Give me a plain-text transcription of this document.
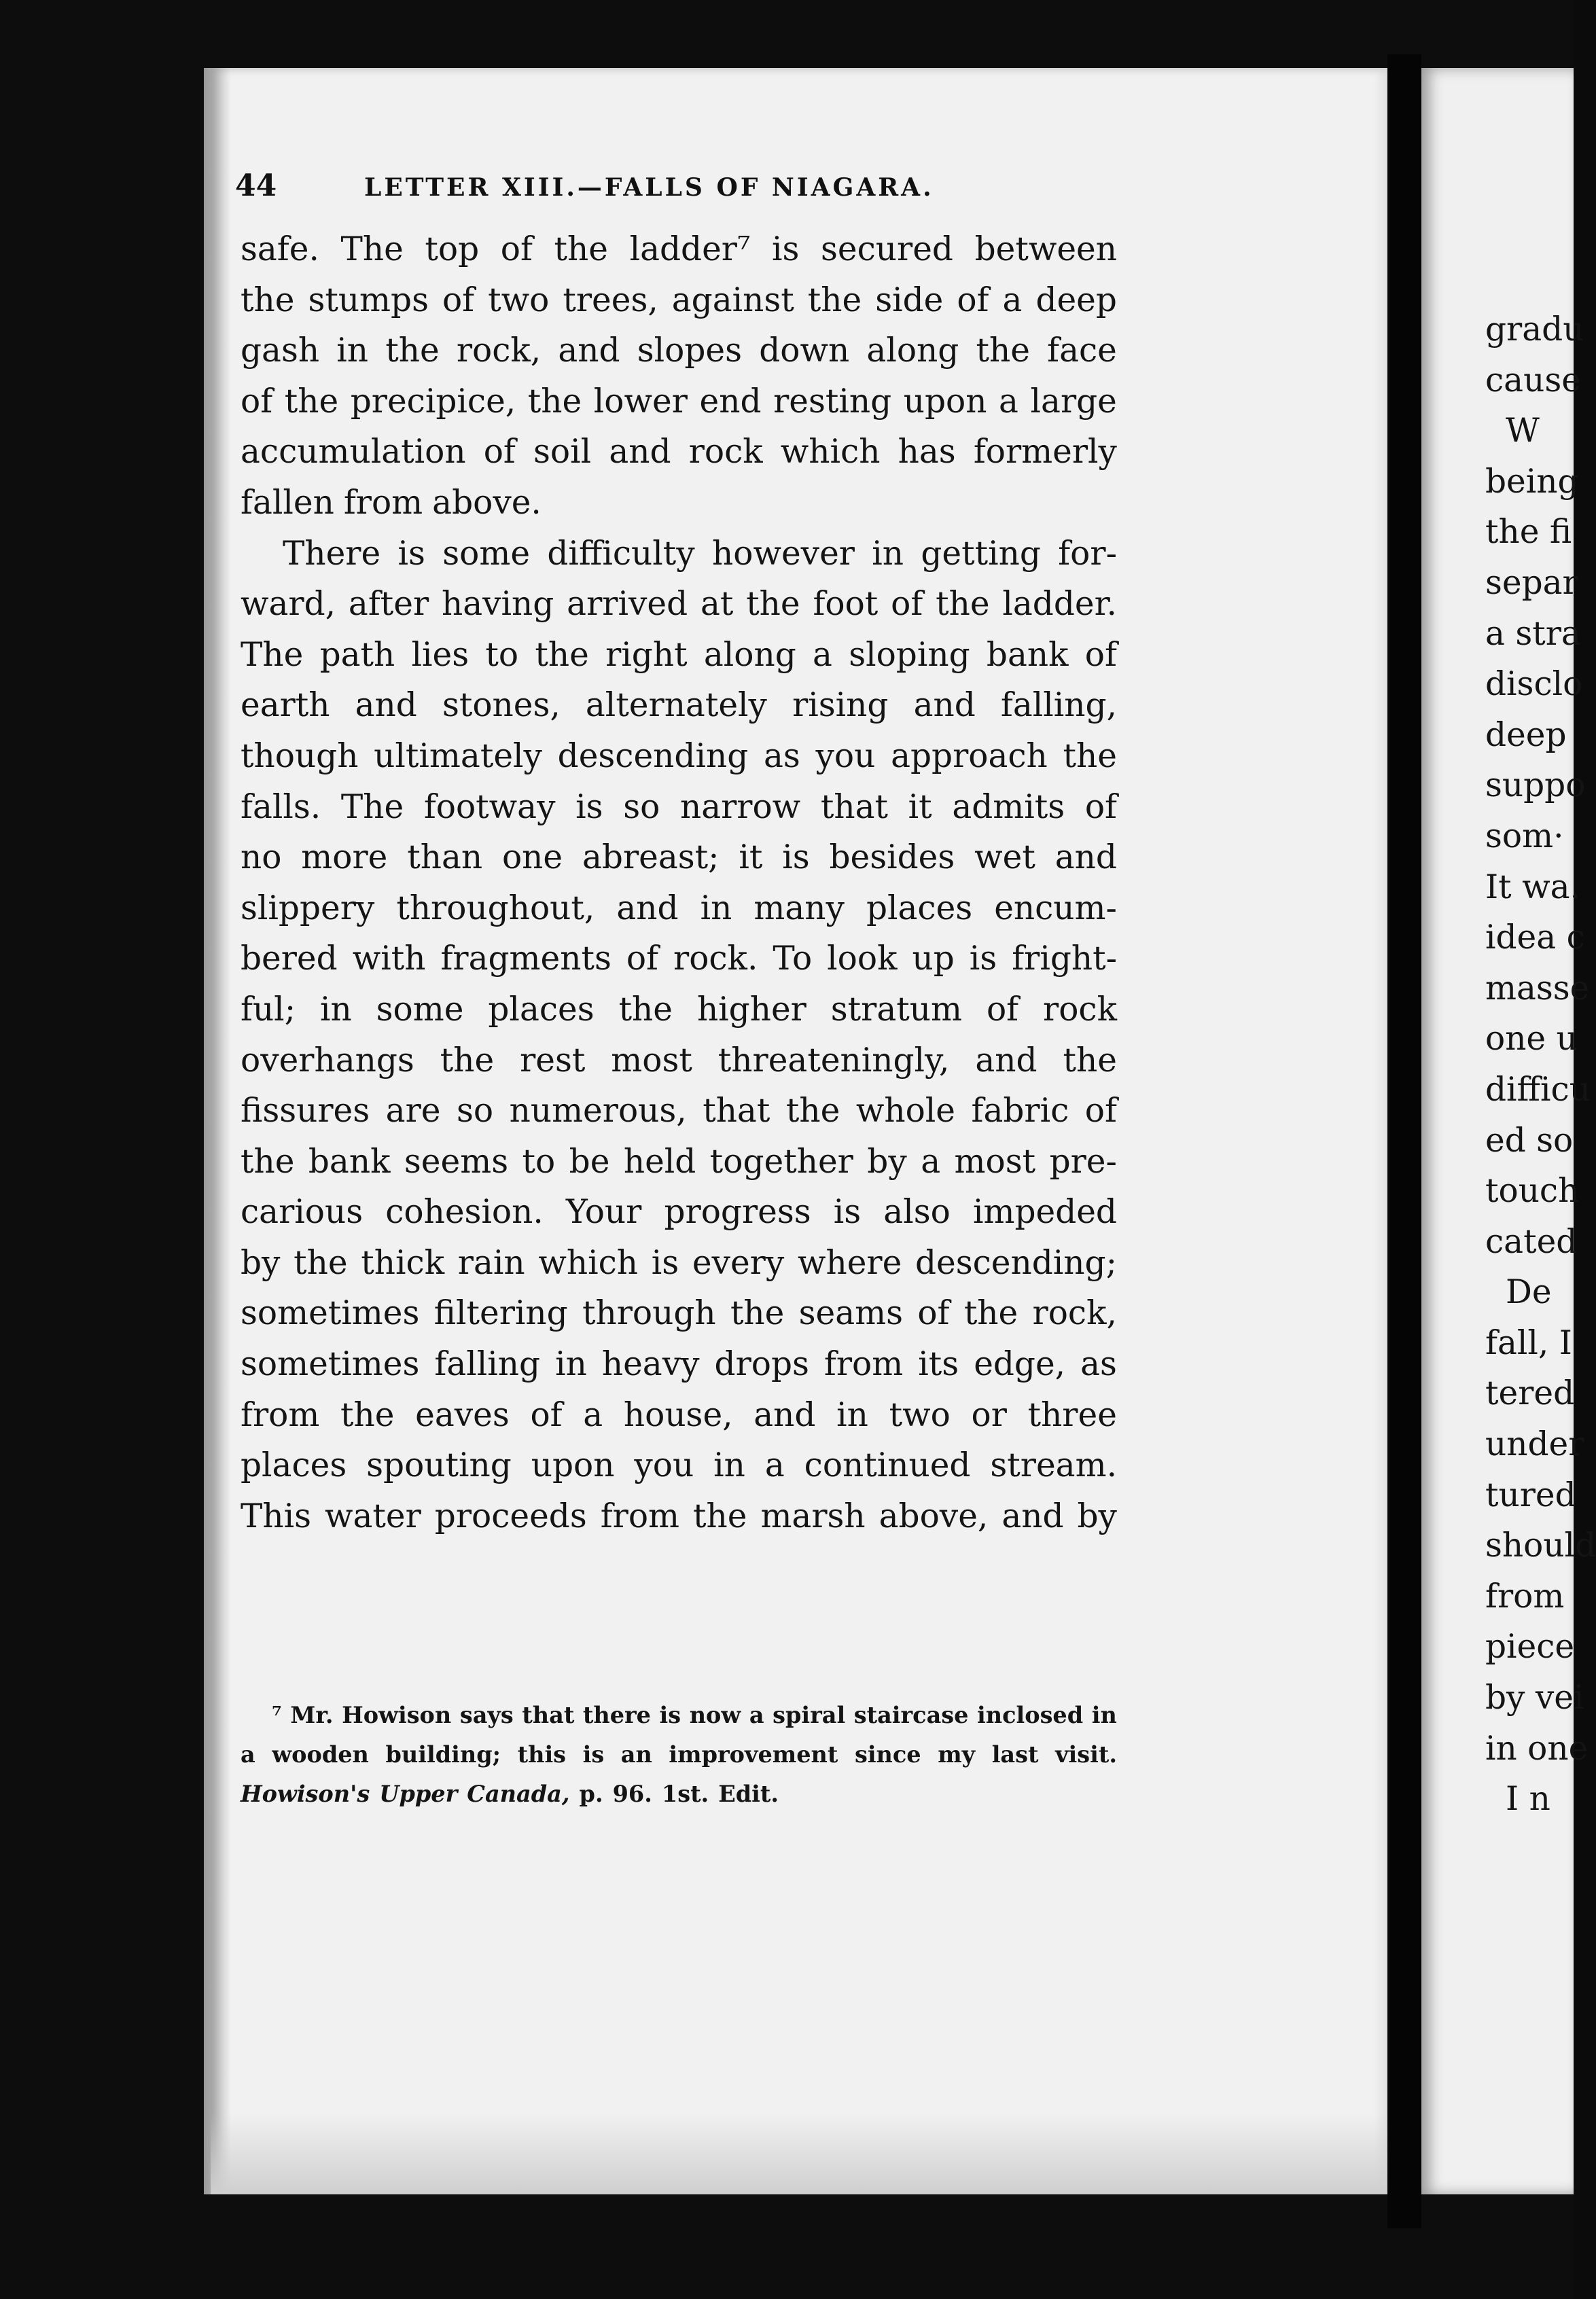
44	LETTER XIII.—FALLS OF NIAGARA.
safe. The top of the ladder⁷ is secured between
the stumps of two trees, against the side of a deep
gash in the rock, and slopes down along the face
of the precipice, the lower end resting upon a large
accumulation of soil and rock which has formerly
fallen from above.
There is some difficulty however in getting for-
ward, after having arrived at the foot of the ladder.
The path lies to the right along a sloping bank of
earth and stones, alternately rising and falling,
though ultimately descending as you approach the
falls. The footway is so narrow that it admits of
no more than one abreast; it is besides wet and
slippery throughout, and in many places encum-
bered with fragments of rock. To look up is fright-
ful; in some places the higher stratum of rock
overhangs the rest most threateningly, and the
fissures are so numerous, that the whole fabric of
the bank seems to be held together by a most pre-
carious cohesion. Your progress is also impeded
by the thick rain which is every where descending;
sometimes filtering through the seams of the rock,
sometimes falling in heavy drops from its edge, as
from the eaves of a house, and in two or three
places spouting upon you in a continued stream.
This water proceeds from the marsh above, and by
⁷ Mr. Howison says that there is now a spiral staircase inclosed in
a wooden building; this is an improvement since my last visit.
Howison's Upper Canada, p. 96. 1st. Edit.
gradu
cause
W
being
the fi
separ
a stra
disclo
deep
suppo
som·
It wa.
idea c
masse
one u
difficu
ed so
touch
cated
De
fall, I
tered
under
tured
should
from
piece
by vei
in one
I n
